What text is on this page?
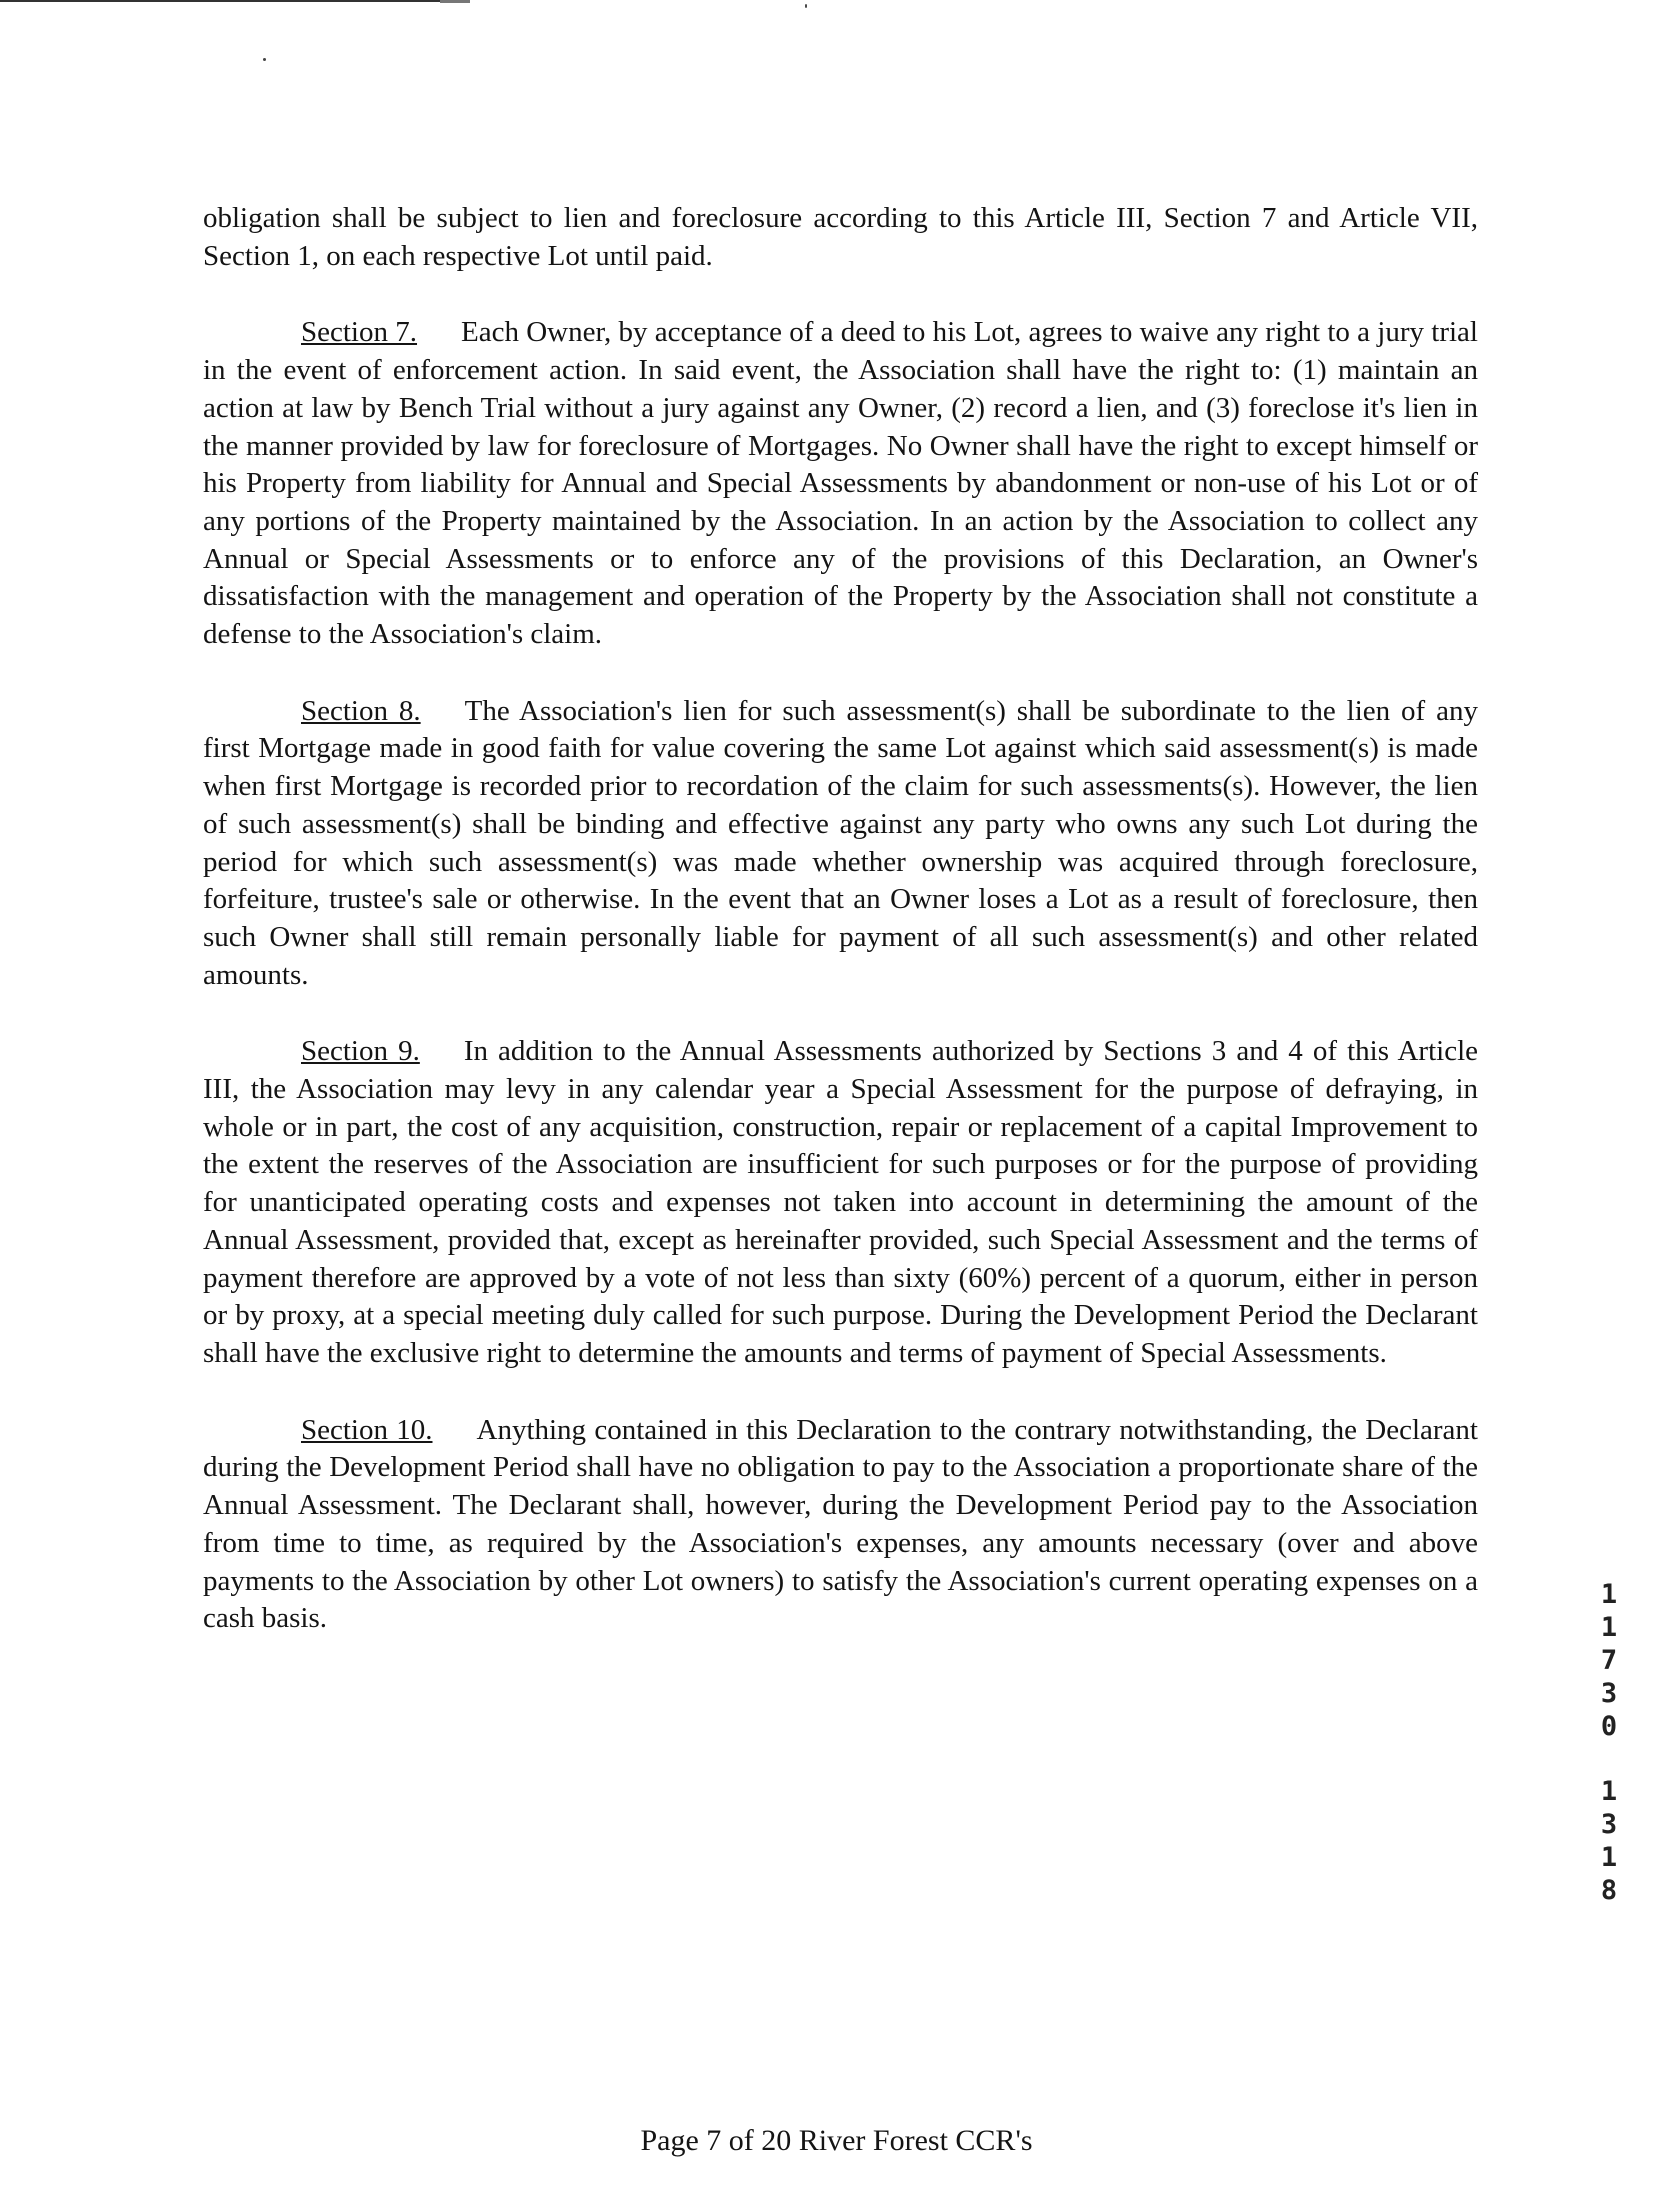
obligation shall be subject to lien and foreclosure according to this Article III, Section 7 and Article VII, Section 1, on each respective Lot until paid.

Section 7. Each Owner, by acceptance of a deed to his Lot, agrees to waive any right to a jury trial in the event of enforcement action. In said event, the Association shall have the right to: (1) maintain an action at law by Bench Trial without a jury against any Owner, (2) record a lien, and (3) foreclose it's lien in the manner provided by law for foreclosure of Mortgages. No Owner shall have the right to except himself or his Property from liability for Annual and Special Assessments by abandonment or non-use of his Lot or of any portions of the Property maintained by the Association. In an action by the Association to collect any Annual or Special Assessments or to enforce any of the provisions of this Declaration, an Owner's dissatisfaction with the management and operation of the Property by the Association shall not constitute a defense to the Association's claim.

Section 8. The Association's lien for such assessment(s) shall be subordinate to the lien of any first Mortgage made in good faith for value covering the same Lot against which said assessment(s) is made when first Mortgage is recorded prior to recordation of the claim for such assessments(s). However, the lien of such assessment(s) shall be binding and effective against any party who owns any such Lot during the period for which such assessment(s) was made whether ownership was acquired through foreclosure, forfeiture, trustee's sale or otherwise. In the event that an Owner loses a Lot as a result of foreclosure, then such Owner shall still remain personally liable for payment of all such assessment(s) and other related amounts.

Section 9. In addition to the Annual Assessments authorized by Sections 3 and 4 of this Article III, the Association may levy in any calendar year a Special Assessment for the purpose of defraying, in whole or in part, the cost of any acquisition, construction, repair or replacement of a capital Improvement to the extent the reserves of the Association are insufficient for such purposes or for the purpose of providing for unanticipated operating costs and expenses not taken into account in determining the amount of the Annual Assessment, provided that, except as hereinafter provided, such Special Assessment and the terms of payment therefore are approved by a vote of not less than sixty (60%) percent of a quorum, either in person or by proxy, at a special meeting duly called for such purpose. During the Development Period the Declarant shall have the exclusive right to determine the amounts and terms of payment of Special Assessments.

Section 10. Anything contained in this Declaration to the contrary notwithstanding, the Declarant during the Development Period shall have no obligation to pay to the Association a proportionate share of the Annual Assessment. The Declarant shall, however, during the Development Period pay to the Association from time to time, as required by the Association's expenses, any amounts necessary (over and above payments to the Association by other Lot owners) to satisfy the Association's current operating expenses on a cash basis.

1
1
7
3
0
1
3
1
8
Page 7 of 20 River Forest CCR's
